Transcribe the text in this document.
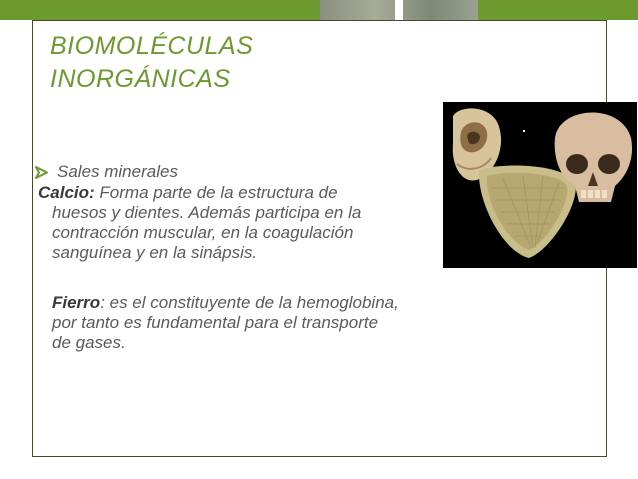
BIOMOLÉCULAS
INORGÁNICAS
Sales minerales

Calcio: Forma parte de la estructura de
huesos y dientes. Además participa en la
contracción muscular, en la coagulación
sanguínea y en la sinápsis.

Fierro: es el constituyente de la hemoglobina,
por tanto es fundamental para el transporte
de gases.
